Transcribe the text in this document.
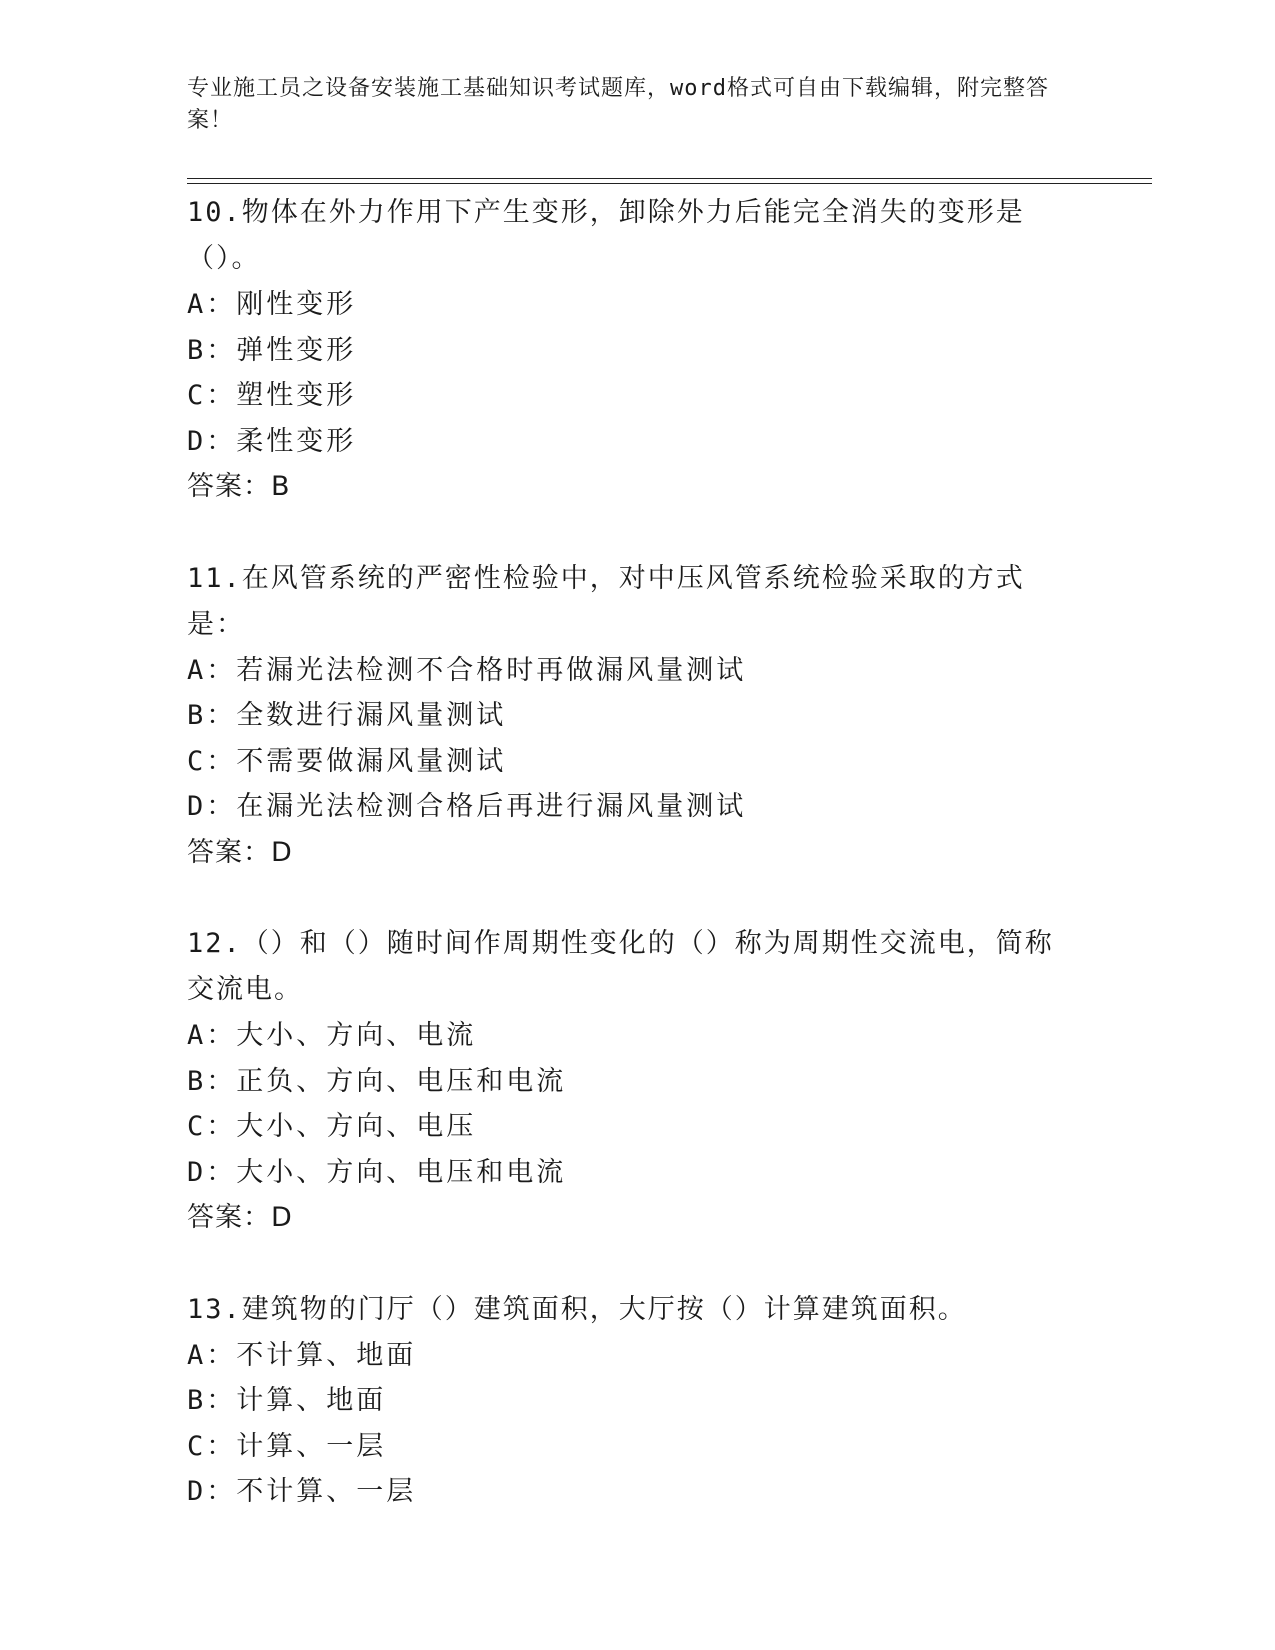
专业施工员之设备安装施工基础知识考试题库，word格式可自由下载编辑，附完整答案！

10.物体在外力作用下产生变形，卸除外力后能完全消失的变形是（）。

A：刚性变形

B：弹性变形

C：塑性变形

D：柔性变形

答案：B

11.在风管系统的严密性检验中，对中压风管系统检验采取的方式是：

A：若漏光法检测不合格时再做漏风量测试

B：全数进行漏风量测试

C：不需要做漏风量测试

D：在漏光法检测合格后再进行漏风量测试

答案：D

12.（）和（）随时间作周期性变化的（）称为周期性交流电，简称交流电。

A：大小、方向、电流

B：正负、方向、电压和电流

C：大小、方向、电压

D：大小、方向、电压和电流

答案：D

13.建筑物的门厅（）建筑面积，大厅按（）计算建筑面积。

A：不计算、地面

B：计算、地面

C：计算、一层

D：不计算、一层
